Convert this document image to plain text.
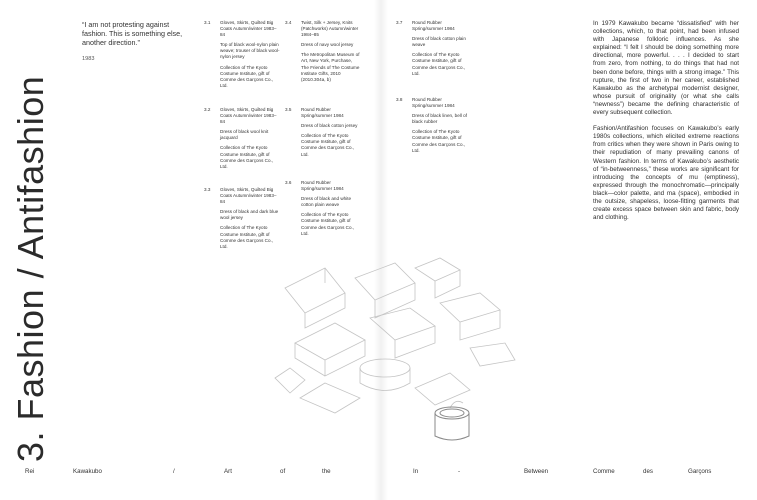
3. Fashion / Antifashion
“I am not protesting against fashion. This is something else, another direction.”
1983
3.1 Gloves, Skirts, Quilted Big Coats Autumn/winter 1983–84
Top of black wool-nylon plain weave; trouser of black wool-nylon jersey
Collection of The Kyoto Costume Institute, gift of Comme des Garçons Co., Ltd.
3.2 Gloves, Skirts, Quilted Big Coats Autumn/winter 1983–84
Dress of black wool knit jacquard
Collection of The Kyoto Costume Institute, gift of Comme des Garçons Co., Ltd.
3.3 Gloves, Skirts, Quilted Big Coats Autumn/winter 1983–84
Dress of black and dark blue wool jersey
Collection of The Kyoto Costume Institute, gift of Comme des Garçons Co., Ltd.
3.4 Twist, Silk + Jersey, Knits (Patchworks) Autumn/winter 1984–85
Dress of navy wool jersey
The Metropolitan Museum of Art, New York, Purchase, The Friends of The Costume Institute Gifts, 2010 (2010.304a, b)
3.5 Round Rubber Spring/summer 1984
Dress of black cotton jersey
Collection of The Kyoto Costume Institute, gift of Comme des Garçons Co., Ltd.
3.6 Round Rubber Spring/summer 1984
Dress of black and white cotton plain weave
Collection of The Kyoto Costume Institute, gift of Comme des Garçons Co., Ltd.
3.7 Round Rubber Spring/summer 1984
Dress of black cotton plain weave
Collection of The Kyoto Costume Institute, gift of Comme des Garçons Co., Ltd.
3.8 Round Rubber Spring/summer 1984
Dress of black linen, bell of black rubber
Collection of The Kyoto Costume Institute, gift of Comme des Garçons Co., Ltd.

In 1979 Kawakubo became “dissatisfied” with her collections, which, to that point, had been infused with Japanese folkloric influences. As she explained: “I felt I should be doing something more directional, more powerful. . . . I decided to start from zero, from nothing, to do things that had not been done before, things with a strong image.” This rupture, the first of two in her career, established Kawakubo as the archetypal modernist designer, whose pursuit of originality (or what she calls “newness”) became the defining characteristic of every subsequent collection.

Fashion/Antifashion focuses on Kawakubo’s early 1980s collections, which elicited extreme reactions from critics when they were shown in Paris owing to their repudiation of many prevailing canons of Western fashion. In terms of Kawakubo’s aesthetic of “in-betweenness,” these works are significant for introducing the concepts of mu (emptiness), expressed through the monochromatic—principally black—color palette, and ma (space), embodied in the outsize, shapeless, loose-fitting garments that create excess space between skin and fabric, body and clothing.

Rei	Kawakubo	/	Art	of	the	In	-	Between	Comme	des	Garçons
